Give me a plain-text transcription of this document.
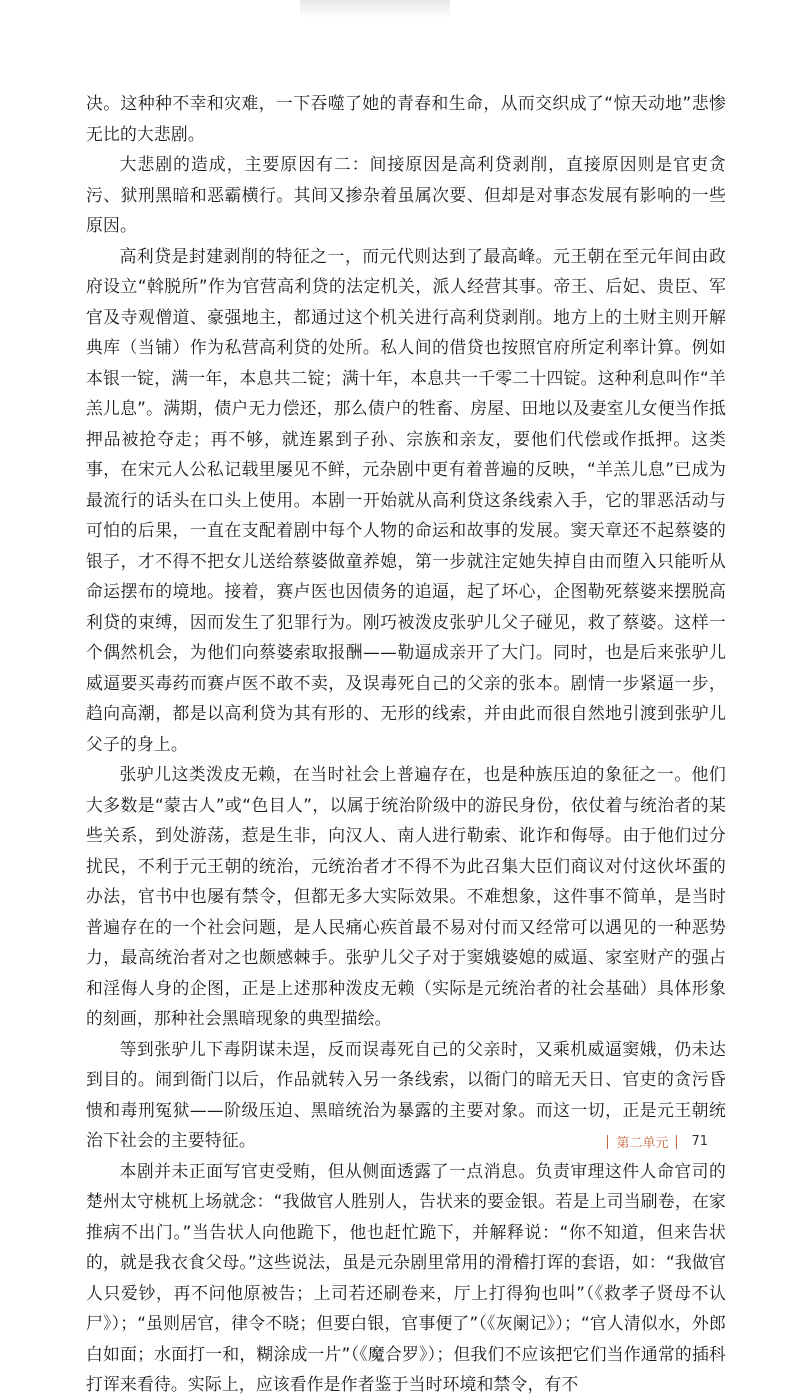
决。这种种不幸和灾难，一下吞噬了她的青春和生命，从而交织成了“惊天动地”悲惨无比的大悲剧。

大悲剧的造成，主要原因有二：间接原因是高利贷剥削，直接原因则是官吏贪污、狱刑黑暗和恶霸横行。其间又掺杂着虽属次要、但却是对事态发展有影响的一些原因。

高利贷是封建剥削的特征之一，而元代则达到了最高峰。元王朝在至元年间由政府设立“斡脱所”作为官营高利贷的法定机关，派人经营其事。帝王、后妃、贵臣、军官及寺观僧道、豪强地主，都通过这个机关进行高利贷剥削。地方上的土财主则开解典库（当铺）作为私营高利贷的处所。私人间的借贷也按照官府所定利率计算。例如本银一锭，满一年，本息共二锭；满十年，本息共一千零二十四锭。这种利息叫作“羊羔儿息”。满期，债户无力偿还，那么债户的牲畜、房屋、田地以及妻室儿女便当作抵押品被抢夺走；再不够，就连累到子孙、宗族和亲友，要他们代偿或作抵押。这类事，在宋元人公私记载里屡见不鲜，元杂剧中更有着普遍的反映，“羊羔儿息”已成为最流行的话头在口头上使用。本剧一开始就从高利贷这条线索入手，它的罪恶活动与可怕的后果，一直在支配着剧中每个人物的命运和故事的发展。窦天章还不起蔡婆的银子，才不得不把女儿送给蔡婆做童养媳，第一步就注定她失掉自由而堕入只能听从命运摆布的境地。接着，赛卢医也因债务的追逼，起了坏心，企图勒死蔡婆来摆脱高利贷的束缚，因而发生了犯罪行为。刚巧被泼皮张驴儿父子碰见，救了蔡婆。这样一个偶然机会，为他们向蔡婆索取报酬——勒逼成亲开了大门。同时，也是后来张驴儿威逼要买毒药而赛卢医不敢不卖，及误毒死自己的父亲的张本。剧情一步紧逼一步，趋向高潮，都是以高利贷为其有形的、无形的线索，并由此而很自然地引渡到张驴儿父子的身上。

张驴儿这类泼皮无赖，在当时社会上普遍存在，也是种族压迫的象征之一。他们大多数是“蒙古人”或“色目人”，以属于统治阶级中的游民身份，依仗着与统治者的某些关系，到处游荡，惹是生非，向汉人、南人进行勒索、讹诈和侮辱。由于他们过分扰民，不利于元王朝的统治，元统治者才不得不为此召集大臣们商议对付这伙坏蛋的办法，官书中也屡有禁令，但都无多大实际效果。不难想象，这件事不简单，是当时普遍存在的一个社会问题，是人民痛心疾首最不易对付而又经常可以遇见的一种恶势力，最高统治者对之也颇感棘手。张驴儿父子对于窦娥婆媳的威逼、家室财产的强占和淫侮人身的企图，正是上述那种泼皮无赖（实际是元统治者的社会基础）具体形象的刻画，那种社会黑暗现象的典型描绘。

等到张驴儿下毒阴谋未逞，反而误毒死自己的父亲时，又乘机威逼窦娥，仍未达到目的。闹到衙门以后，作品就转入另一条线索，以衙门的暗无天日、官吏的贪污昏愦和毒刑冤狱——阶级压迫、黑暗统治为暴露的主要对象。而这一切，正是元王朝统治下社会的主要特征。

本剧并未正面写官吏受贿，但从侧面透露了一点消息。负责审理这件人命官司的楚州太守桃杌上场就念：“我做官人胜别人，告状来的要金银。若是上司当刷卷，在家推病不出门。”当告状人向他跪下，他也赶忙跪下，并解释说：“你不知道，但来告状的，就是我衣食父母。”这些说法，虽是元杂剧里常用的滑稽打诨的套语，如：“我做官人只爱钞，再不问他原被告；上司若还刷卷来，厅上打得狗也叫”（《救孝子贤母不认尸》）；“虽则居官，律令不晓；但要白银，官事便了”（《灰阑记》）；“官人清似水，外郎白如面；水面打一和，糊涂成一片”（《魔合罗》）；但我们不应该把它们当作通常的插科打诨来看待。实际上，应该看作是作者鉴于当时环境和禁令，有不

第二单元 71
